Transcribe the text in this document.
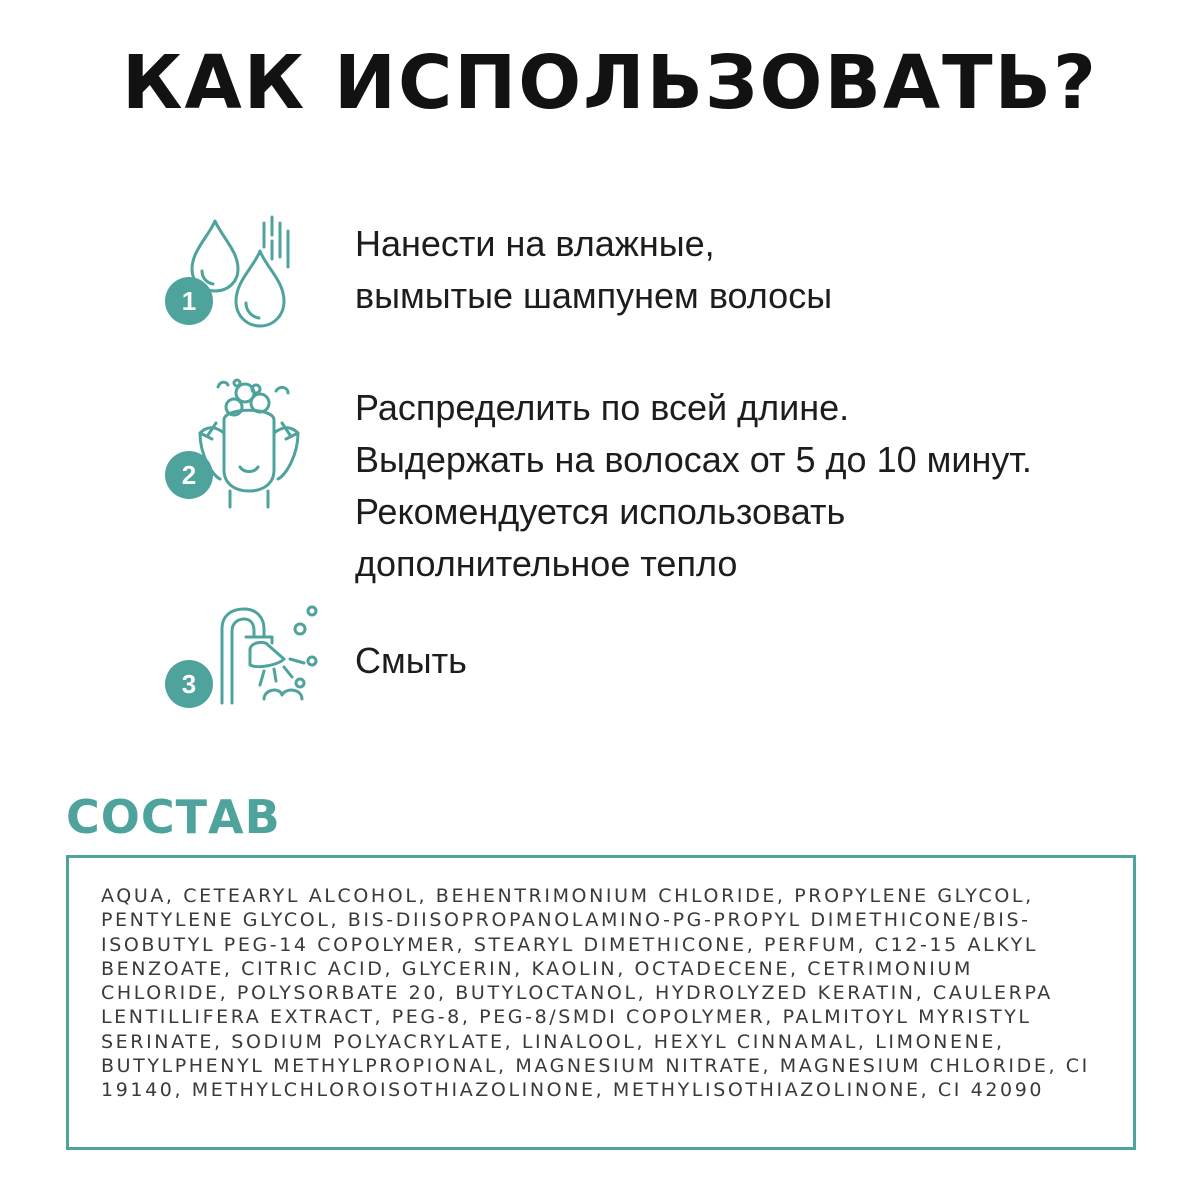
КАК ИСПОЛЬЗОВАТЬ?
1
Нанести на влажные,
вымытые шампунем волосы
2
Распределить по всей длине.
Выдержать на волосах от 5 до 10 минут.
Рекомендуется использовать
дополнительное тепло
3
Смыть
СОСТАВ
AQUA, CETEARYL ALCOHOL, BEHENTRIMONIUM CHLORIDE, PROPYLENE GLYCOL, PENTYLENE GLYCOL, BIS-DIISOPROPANOLAMINO-PG-PROPYL DIMETHICONE/BIS-ISOBUTYL PEG-14 COPOLYMER, STEARYL DIMETHICONE, PERFUM, C12-15 ALKYL BENZOATE, CITRIC ACID, GLYCERIN, KAOLIN, OCTADECENE, CETRIMONIUM CHLORIDE, POLYSORBATE 20, BUTYLOCTANOL, HYDROLYZED KERATIN, CAULERPA LENTILLIFERA EXTRACT, PEG-8, PEG-8/SMDI COPOLYMER, PALMITOYL MYRISTYL SERINATE, SODIUM POLYACRYLATE, LINALOOL, HEXYL CINNAMAL, LIMONENE, BUTYLPHENYL METHYLPROPIONAL, MAGNESIUM NITRATE, MAGNESIUM CHLORIDE, CI 19140, METHYLCHLOROISOTHIAZOLINONE, METHYLISOTHIAZOLINONE, CI 42090
